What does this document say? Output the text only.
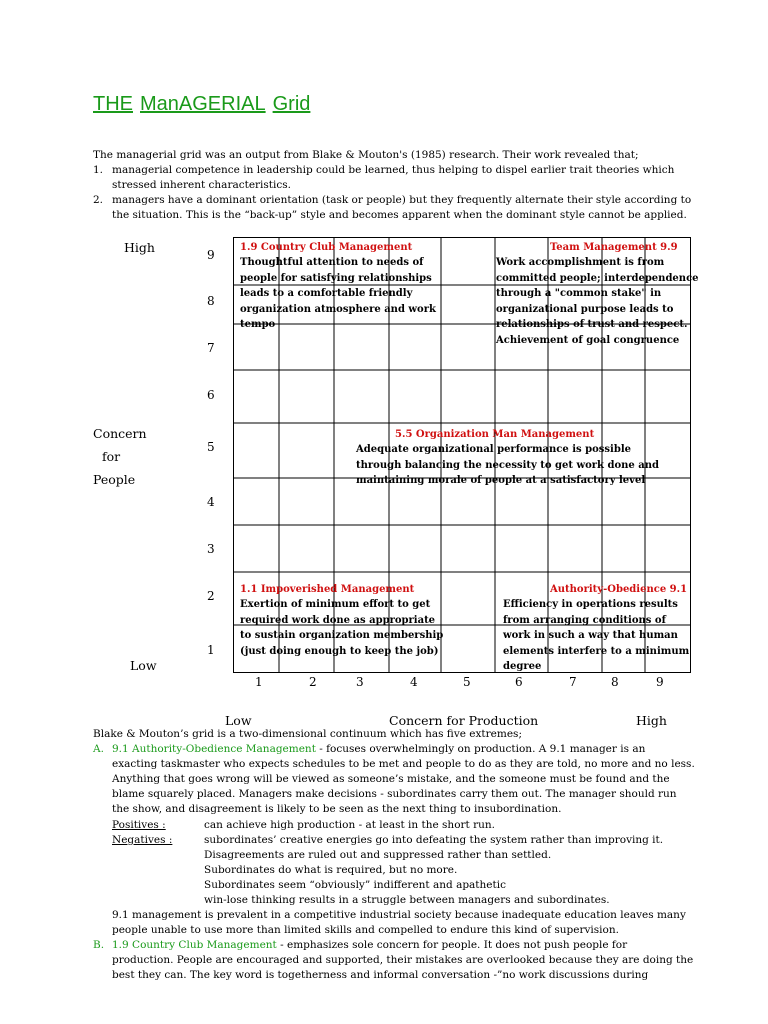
THE ManAGERIAL Grid
The managerial grid was an output from Blake & Mouton's (1985) research. Their work revealed that;
1. managerial competence in leadership could be learned, thus helping to dispel earlier trait theories which
stressed inherent characteristics.
2. managers have a dominant orientation (task or people) but they frequently alternate their style according to
the situation. This is the “back-up” style and becomes apparent when the dominant style cannot be applied.
High
Low
Concern
for
People
9
8
7
6
5
4
3
2
1
1.9 Country Club Management
Thoughtful attention to needs of
people for satisfying relationships
leads to a comfortable friendly
organization atmosphere and work
tempo
Team Management 9.9
Work accomplishment is from
committed people; interdependence
through a "common stake" in
organizational purpose leads to
relationships of trust and respect.
Achievement of goal congruence
5.5 Organization Man Management
Adequate organizational performance is possible
through balancing the necessity to get work done and
maintaining morale of people at a satisfactory level
1.1 Impoverished Management
Exertion of minimum effort to get
required work done as appropriate
to sustain organization membership
(just doing enough to keep the job)
Authority-Obedience 9.1
Efficiency in operations results
from arranging conditions of
work in such a way that human
elements interfere to a minimum
degree
1	2	3	4	5	6	7	8	9
Low	Concern for Production	High
Blake & Mouton’s grid is a two-dimensional continuum which has five extremes;
A. 9.1 Authority-Obedience Management - focuses overwhelmingly on production. A 9.1 manager is an
exacting taskmaster who expects schedules to be met and people to do as they are told, no more and no less.
Anything that goes wrong will be viewed as someone’s mistake, and the someone must be found and the
blame squarely placed. Managers make decisions - subordinates carry them out. The manager should run
the show, and disagreement is likely to be seen as the next thing to insubordination.
Positives :	can achieve high production - at least in the short run.
Negatives :	subordinates’ creative energies go into defeating the system rather than improving it.
Disagreements are ruled out and suppressed rather than settled.
Subordinates do what is required, but no more.
Subordinates seem “obviously” indifferent and apathetic
win-lose thinking results in a struggle between managers and subordinates.
9.1 management is prevalent in a competitive industrial society because inadequate education leaves many
people unable to use more than limited skills and compelled to endure this kind of supervision.
B. 1.9 Country Club Management - emphasizes sole concern for people. It does not push people for
production. People are encouraged and supported, their mistakes are overlooked because they are doing the
best they can. The key word is togetherness and informal conversation -”no work discussions during
